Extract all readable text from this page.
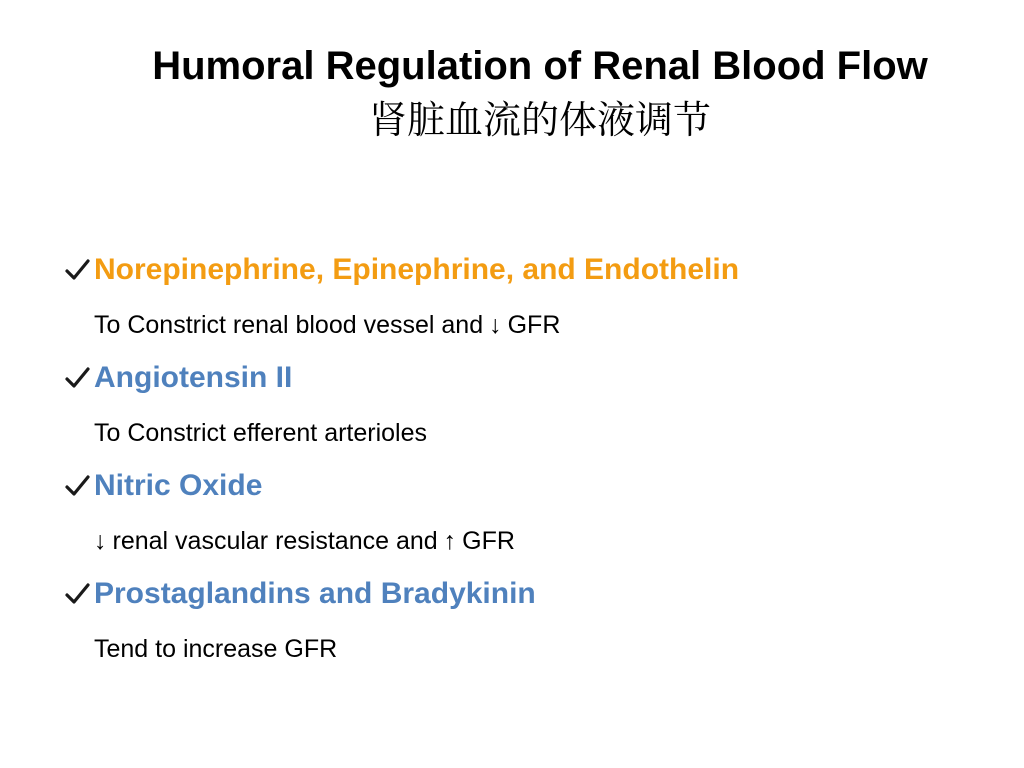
Humoral Regulation of Renal Blood Flow
肾脏血流的体液调节
Norepinephrine, Epinephrine, and Endothelin
To Constrict renal blood vessel and ↓ GFR
Angiotensin II
To Constrict efferent arterioles
Nitric Oxide
↓ renal vascular resistance and ↑ GFR
Prostaglandins and Bradykinin
Tend to increase GFR
